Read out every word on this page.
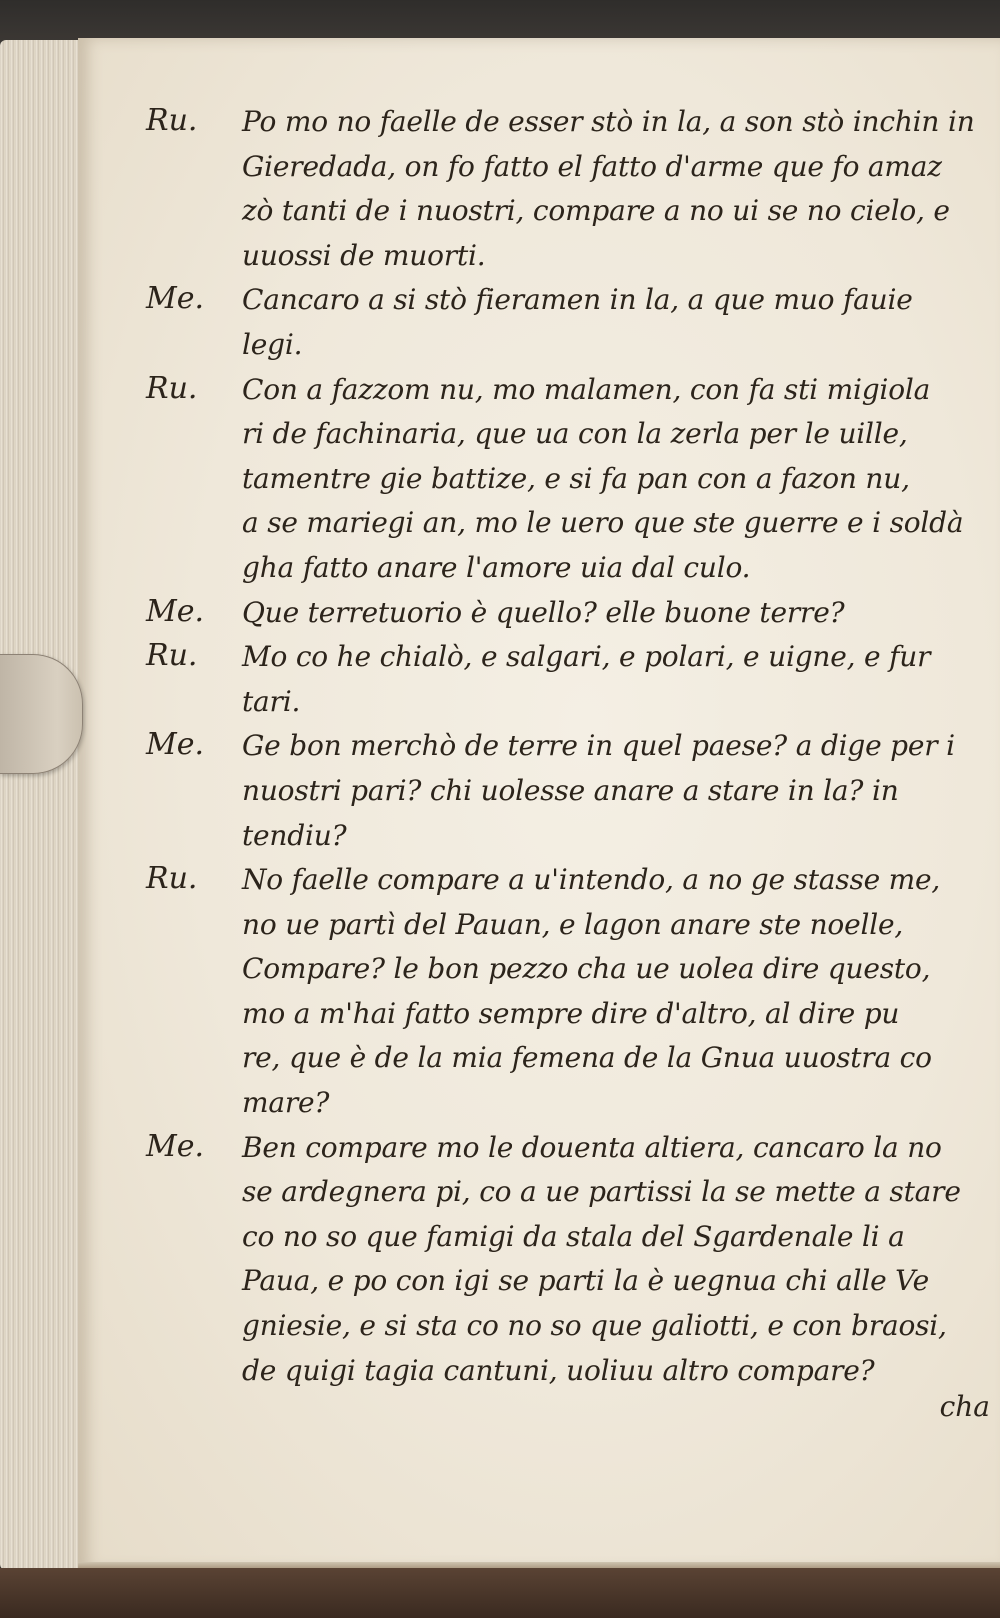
Ru.	Po mo no faelle de esser stò in la, a son stò inchin in
Gieredada, on fo fatto el fatto d'arme que fo amaz
zò tanti de i nuostri, compare a no ui se no cielo, e
uuossi de muorti.
Me.	Cancaro a si stò fieramen in la, a que muo fauie
legi.
Ru.	Con a fazzom nu, mo malamen, con fa sti migiola
ri de fachinaria, que ua con la zerla per le uille,
tamentre gie battize, e si fa pan con a fazon nu,
a se mariegi an, mo le uero que ste guerre e i soldà
gha fatto anare l'amore uia dal culo.
Me.	Que terretuorio è quello? elle buone terre?
Ru.	Mo co he chialò, e salgari, e polari, e uigne, e fur
tari.
Me.	Ge bon merchò de terre in quel paese? a dige per i
nuostri pari? chi uolesse anare a stare in la? in
tendiu?
Ru.	No faelle compare a u'intendo, a no ge stasse me,
no ue partì del Pauan, e lagon anare ste noelle,
Compare? le bon pezzo cha ue uolea dire questo,
mo a m'hai fatto sempre dire d'altro, al dire pu
re, que è de la mia femena de la Gnua uuostra co
mare?
Me.	Ben compare mo le douenta altiera, cancaro la no
se ardegnera pi, co a ue partissi la se mette a stare
co no so que famigi da stala del Sgardenale li a
Paua, e po con igi se parti la è uegnua chi alle Ve
gniesie, e si sta co no so que galiotti, e con braosi,
de quigi tagia cantuni, uoliuu altro compare?
cha
